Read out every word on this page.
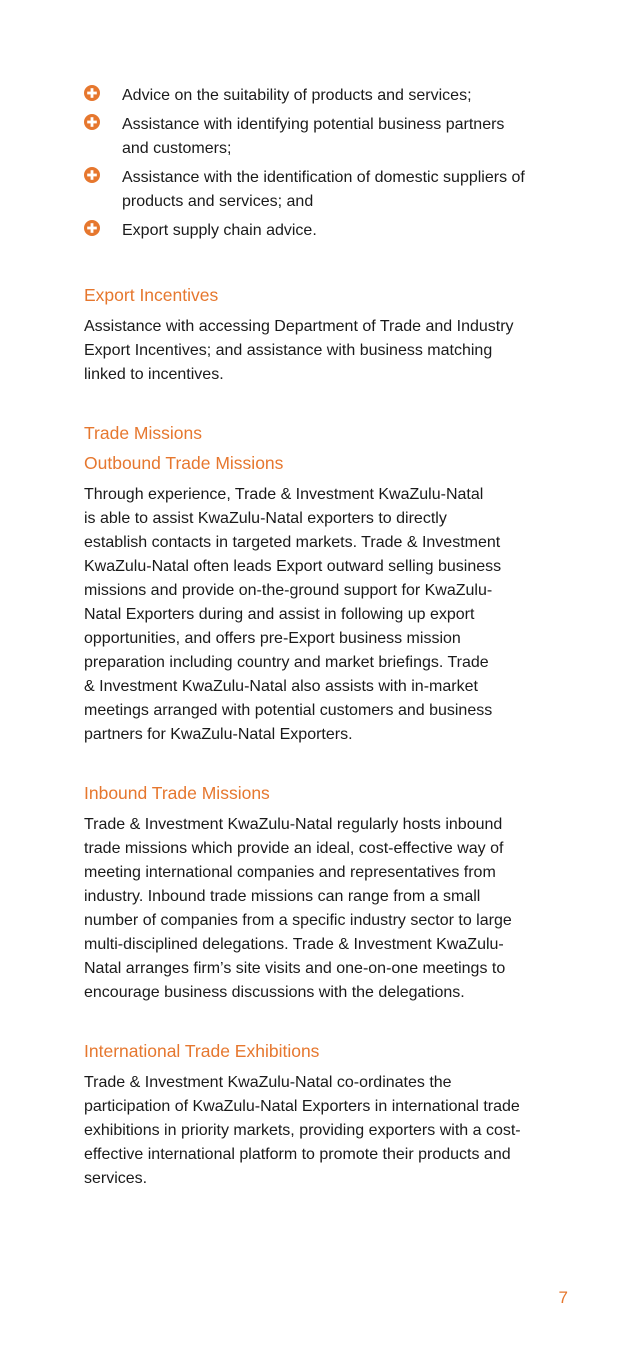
Advice on the suitability of products and services;
Assistance with identifying potential business partners
and customers;
Assistance with the identification of domestic suppliers of
products and services; and
Export supply chain advice.
Export Incentives

Assistance with accessing Department of Trade and Industry
Export Incentives; and assistance with business matching
linked to incentives.

Trade Missions
Outbound Trade Missions

Through experience, Trade & Investment KwaZulu-Natal
is able to assist KwaZulu-Natal exporters to directly
establish contacts in targeted markets. Trade & Investment
KwaZulu-Natal often leads Export outward selling business
missions and provide on-the-ground support for KwaZulu-
Natal Exporters during and assist in following up export
opportunities, and offers pre-Export business mission
preparation including country and market briefings. Trade
& Investment KwaZulu-Natal also assists with in-market
meetings arranged with potential customers and business
partners for KwaZulu-Natal Exporters.

Inbound Trade Missions

Trade & Investment KwaZulu-Natal regularly hosts inbound
trade missions which provide an ideal, cost-effective way of
meeting international companies and representatives from
industry. Inbound trade missions can range from a small
number of companies from a specific industry sector to large
multi-disciplined delegations. Trade & Investment KwaZulu-
Natal arranges firm’s site visits and one-on-one meetings to
encourage business discussions with the delegations.

International Trade Exhibitions

Trade & Investment KwaZulu-Natal co-ordinates the
participation of KwaZulu-Natal Exporters in international trade
exhibitions in priority markets, providing exporters with a cost-
effective international platform to promote their products and
services.

7
